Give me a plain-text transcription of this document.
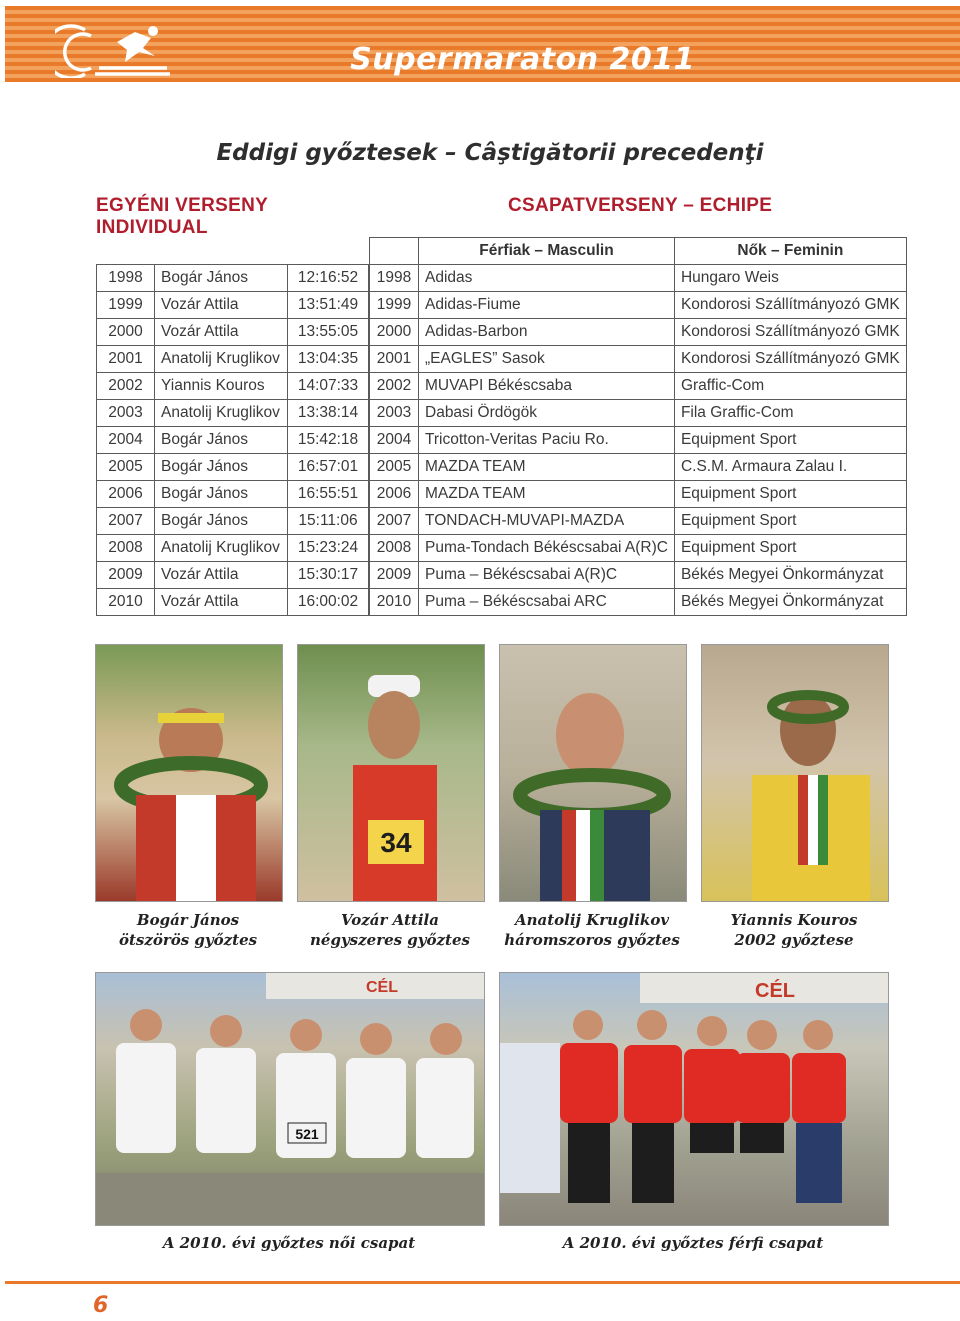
Supermaraton 2011
Eddigi győztesek – Câştigătorii precedenţi
EGYÉNI VERSENY
INDIVIDUAL
1998	Bogár János	12:16:52
1999	Vozár Attila	13:51:49
2000	Vozár Attila	13:55:05
2001	Anatolij Kruglikov	13:04:35
2002	Yiannis Kouros	14:07:33
2003	Anatolij Kruglikov	13:38:14
2004	Bogár János	15:42:18
2005	Bogár János	16:57:01
2006	Bogár János	16:55:51
2007	Bogár János	15:11:06
2008	Anatolij Kruglikov	15:23:24
2009	Vozár Attila	15:30:17
2010	Vozár Attila	16:00:02
CSAPATVERSENY – ECHIPE
	Férfiak – Masculin	Nők – Feminin
1998	Adidas	Hungaro Weis
1999	Adidas-Fiume	Kondorosi Szállítmányozó GMK
2000	Adidas-Barbon	Kondorosi Szállítmányozó GMK
2001	„EAGLES” Sasok	Kondorosi Szállítmányozó GMK
2002	MUVAPI Békéscsaba	Graffic-Com
2003	Dabasi Ördögök	Fila Graffic-Com
2004	Tricotton-Veritas Paciu Ro.	Equipment Sport
2005	MAZDA TEAM	C.S.M. Armaura Zalau I.
2006	MAZDA TEAM	Equipment Sport
2007	TONDACH-MUVAPI-MAZDA	Equipment Sport
2008	Puma-Tondach Békéscsabai A(R)C	Equipment Sport
2009	Puma – Békéscsabai A(R)C	Békés Megyei Önkormányzat
2010	Puma – Békéscsabai ARC	Békés Megyei Önkormányzat
34
Bogár János
ötszörös győztes
Vozár Attila
négyszeres győztes
Anatolij Kruglikov
háromszoros győztes
Yiannis Kouros
2002 győztese
CÉL
521
CÉL
A 2010. évi győztes női csapat	A 2010. évi győztes férfi csapat
6
